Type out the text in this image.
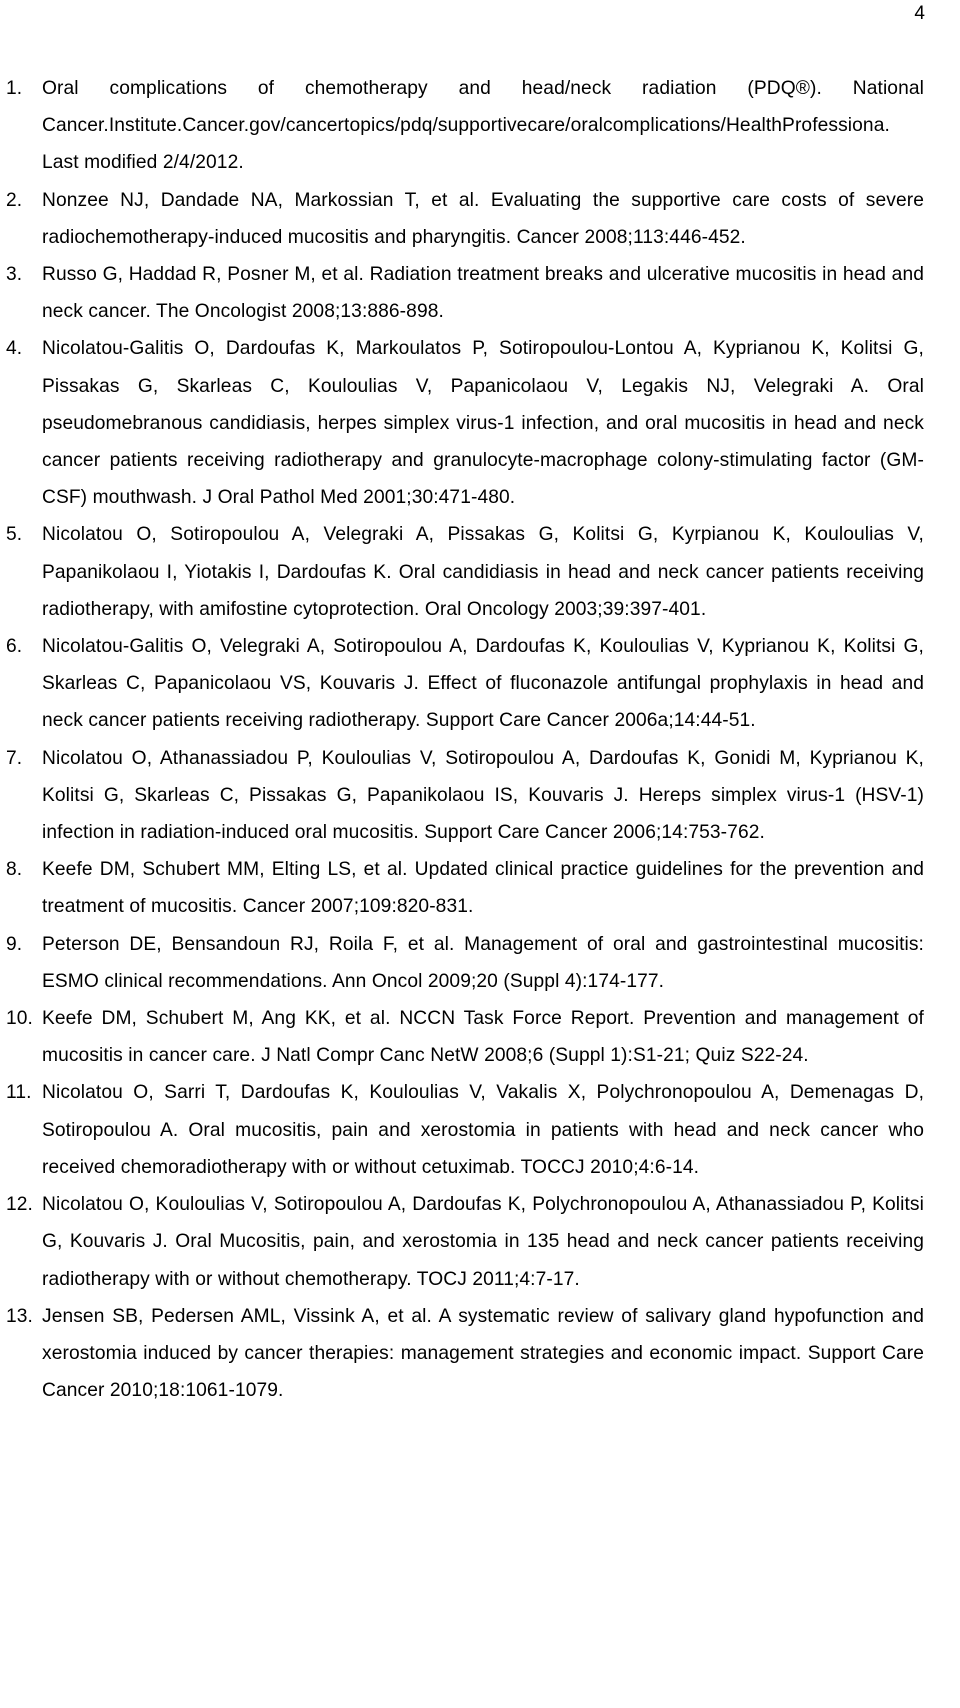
4
1.	Oral complications of chemotherapy and head/neck radiation (PDQ®). National Cancer.Institute.Cancer.gov/cancertopics/pdq/supportivecare/oralcomplications/HealthProfessiona. Last modified 2/4/2012.
2.	Nonzee NJ, Dandade NA, Markossian T, et al. Evaluating the supportive care costs of severe radiochemotherapy-induced mucositis and pharyngitis. Cancer 2008;113:446-452.
3.	Russo G, Haddad R, Posner M, et al. Radiation treatment breaks and ulcerative mucositis in head and neck cancer. The Oncologist 2008;13:886-898.
4.	Nicolatou-Galitis O, Dardoufas K, Markoulatos P, Sotiropoulou-Lontou A, Kyprianou K, Kolitsi G, Pissakas G, Skarleas C, Kouloulias V, Papanicolaou V, Legakis NJ, Velegraki A. Oral pseudomebranous candidiasis, herpes simplex virus-1 infection, and oral mucositis in head and neck cancer patients receiving radiotherapy and granulocyte-macrophage colony-stimulating factor (GM-CSF) mouthwash. J Oral Pathol Med 2001;30:471-480.
5.	Nicolatou O, Sotiropoulou A, Velegraki A, Pissakas G, Kolitsi G, Kyrpianou K, Kouloulias V, Papanikolaou I, Yiotakis I, Dardoufas K. Oral candidiasis in head and neck cancer patients receiving radiotherapy, with amifostine cytoprotection. Oral Oncology 2003;39:397-401.
6.	Nicolatou-Galitis O, Velegraki A, Sotiropoulou A, Dardoufas K, Kouloulias V, Kyprianou K, Kolitsi G, Skarleas C, Papanicolaou VS, Kouvaris J. Effect of fluconazole antifungal prophylaxis in head and neck cancer patients receiving radiotherapy. Support Care Cancer 2006a;14:44-51.
7.	Nicolatou O, Athanassiadou P, Kouloulias V, Sotiropoulou A, Dardoufas K, Gonidi M, Kyprianou K, Kolitsi G, Skarleas C, Pissakas G, Papanikolaou IS, Kouvaris J. Hereps simplex virus-1 (HSV-1) infection in radiation-induced oral mucositis. Support Care Cancer 2006;14:753-762.
8.	Keefe DM, Schubert MM, Elting LS, et al. Updated clinical practice guidelines for the prevention and treatment of mucositis. Cancer 2007;109:820-831.
9.	Peterson DE, Bensandoun RJ, Roila F, et al. Management of oral and gastrointestinal mucositis: ESMO clinical recommendations. Ann Oncol 2009;20 (Suppl 4):174-177.
10. Keefe DM, Schubert M, Ang KK, et al. NCCN Task Force Report. Prevention and management of mucositis in cancer care. J Natl Compr Canc NetW 2008;6 (Suppl 1):S1-21; Quiz S22-24.
11. Nicolatou O, Sarri T, Dardoufas K, Kouloulias V, Vakalis X, Polychronopoulou A, Demenagas D, Sotiropoulou A. Oral mucositis, pain and xerostomia in patients with head and neck cancer who received chemoradiotherapy with or without cetuximab. TOCCJ 2010;4:6-14.
12. Nicolatou O, Kouloulias V, Sotiropoulou A, Dardoufas K, Polychronopoulou A, Athanassiadou P, Kolitsi G, Kouvaris J. Oral Mucositis, pain, and xerostomia in 135 head and neck cancer patients receiving radiotherapy with or without chemotherapy. TOCJ 2011;4:7-17.
13. Jensen SB, Pedersen AML, Vissink A, et al. A systematic review of salivary gland hypofunction and xerostomia induced by cancer therapies: management strategies and economic impact. Support Care Cancer 2010;18:1061-1079.
